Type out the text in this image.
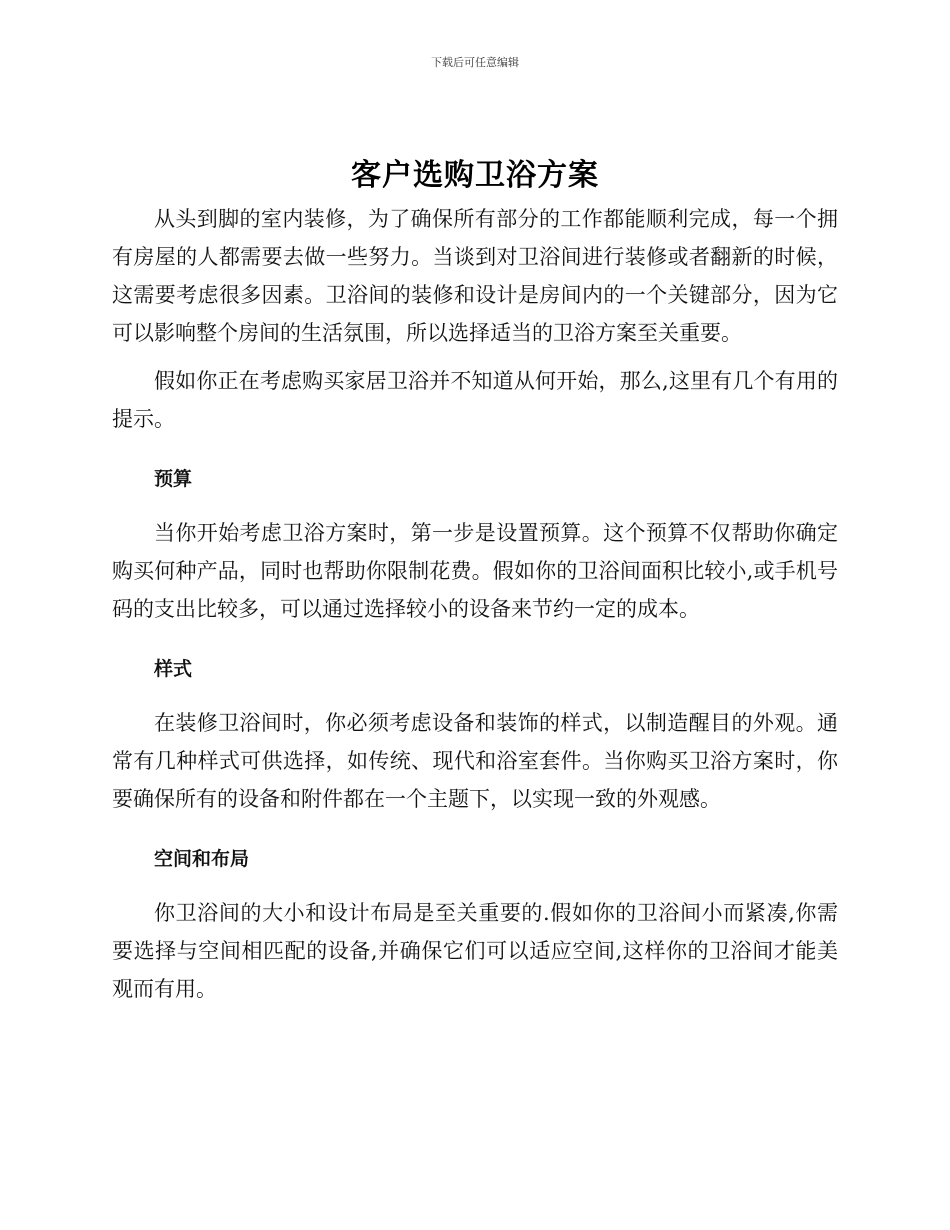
下载后可任意编辑
客户选购卫浴方案

从头到脚的室内装修，为了确保所有部分的工作都能顺利完成，每一个拥有房屋的人都需要去做一些努力。当谈到对卫浴间进行装修或者翻新的时候，这需要考虑很多因素。卫浴间的装修和设计是房间内的一个关键部分，因为它可以影响整个房间的生活氛围，所以选择适当的卫浴方案至关重要。

假如你正在考虑购买家居卫浴并不知道从何开始，那么,这里有几个有用的提示。

预算

当你开始考虑卫浴方案时，第一步是设置预算。这个预算不仅帮助你确定购买何种产品，同时也帮助你限制花费。假如你的卫浴间面积比较小,或手机号码的支出比较多，可以通过选择较小的设备来节约一定的成本。

样式

在装修卫浴间时，你必须考虑设备和装饰的样式，以制造醒目的外观。通常有几种样式可供选择，如传统、现代和浴室套件。当你购买卫浴方案时，你要确保所有的设备和附件都在一个主题下，以实现一致的外观感。

空间和布局

你卫浴间的大小和设计布局是至关重要的.假如你的卫浴间小而紧凑,你需要选择与空间相匹配的设备,并确保它们可以适应空间,这样你的卫浴间才能美观而有用。
